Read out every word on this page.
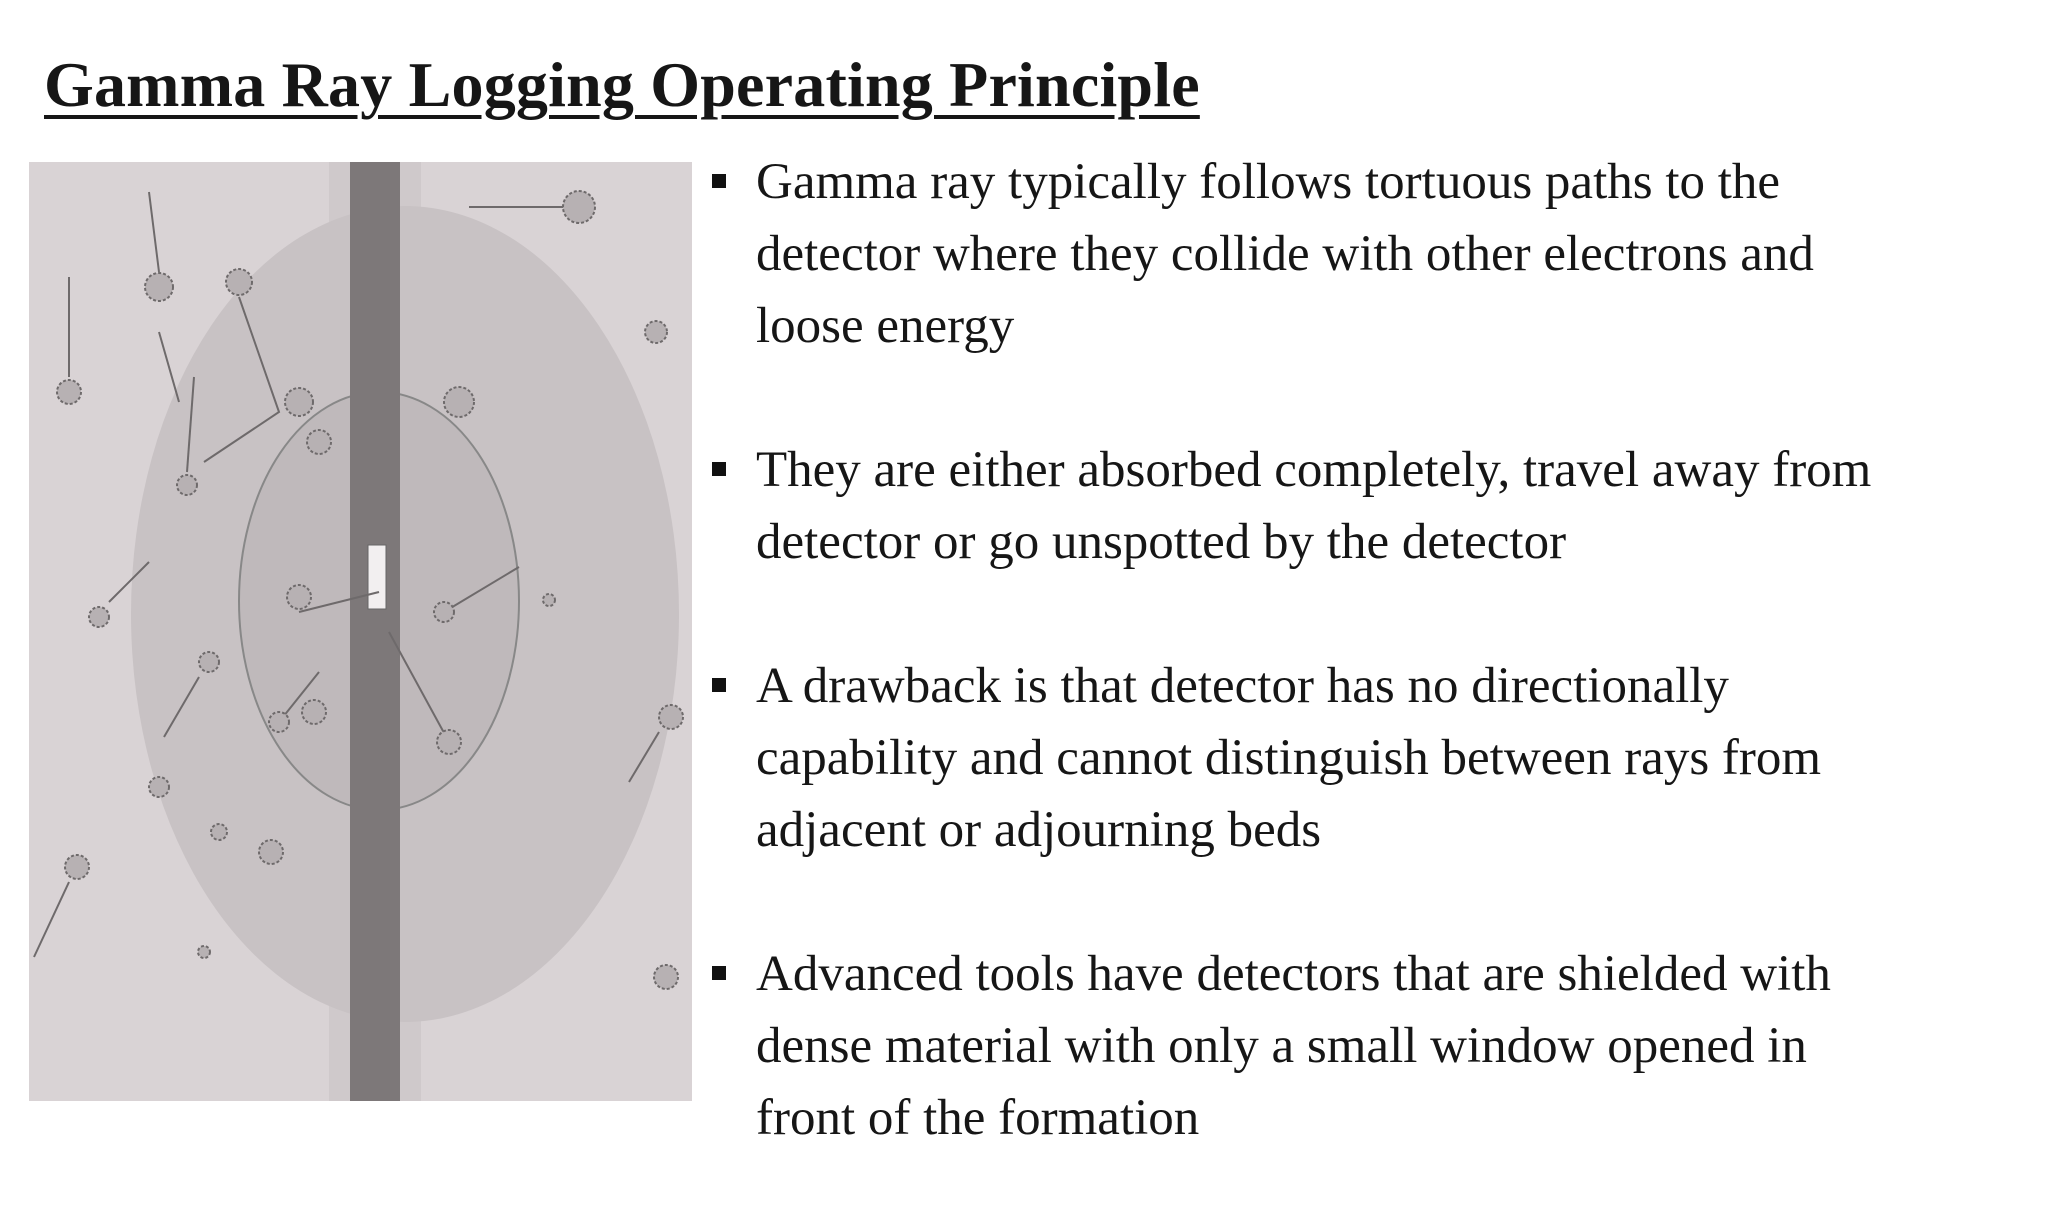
Gamma Ray Logging Operating Principle
Gamma ray typically follows tortuous paths to the
detector where they collide with other electrons and
loose energy
They are either absorbed completely, travel away from
detector or go unspotted by the detector
A drawback is that detector has no directionally
capability and cannot distinguish between rays from
adjacent or adjourning beds
Advanced tools have detectors that are shielded with
dense material with only a small window opened in
front of the formation
